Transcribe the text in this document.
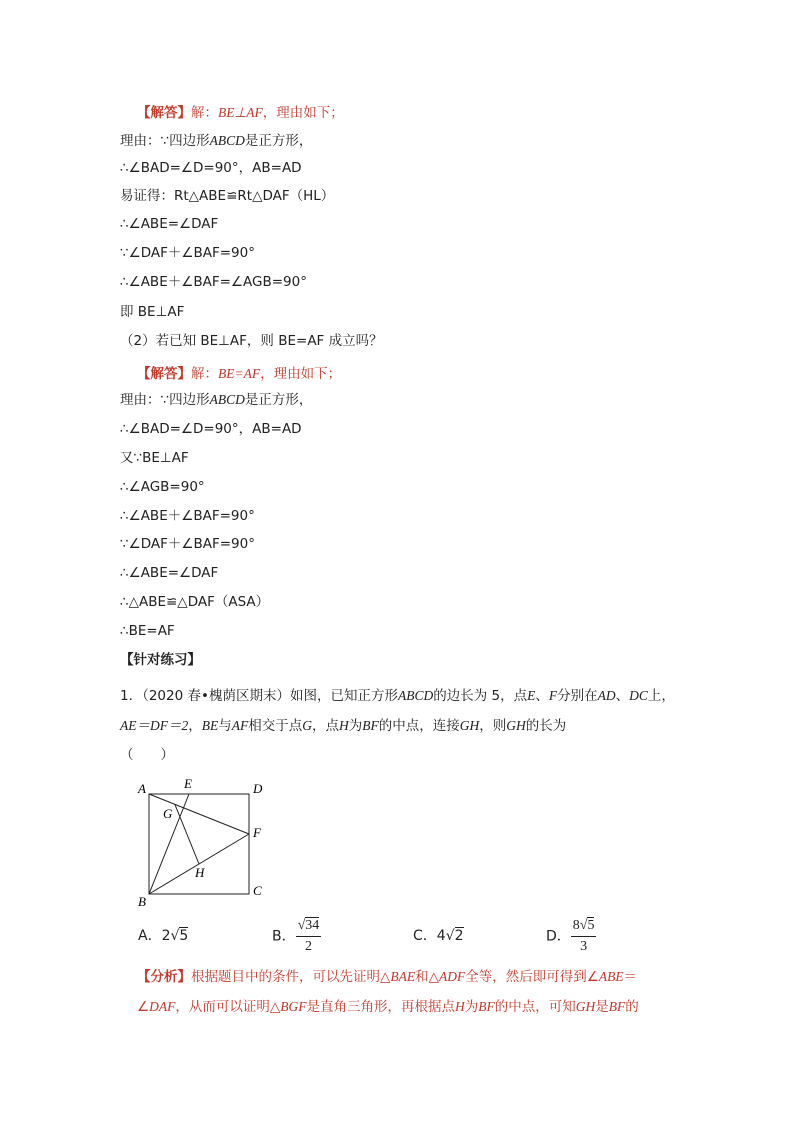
【解答】解：BE⊥AF，理由如下；
理由：∵四边形ABCD是正方形，
∴∠BAD=∠D=90°，AB=AD
易证得：Rt△ABE≌Rt△DAF（HL）
∴∠ABE=∠DAF
∵∠DAF＋∠BAF=90°
∴∠ABE＋∠BAF=∠AGB=90°
即 BE⊥AF
（2）若已知 BE⊥AF，则 BE=AF 成立吗？
【解答】解：BE=AF，理由如下；
理由：∵四边形ABCD是正方形，
∴∠BAD=∠D=90°，AB=AD
又∵BE⊥AF
∴∠AGB=90°
∴∠ABE＋∠BAF=90°
∵∠DAF＋∠BAF=90°
∴∠ABE=∠DAF
∴△ABE≌△DAF（ASA）
∴BE=AF
【针对练习】
1．（2020 春•槐荫区期末）如图，已知正方形ABCD的边长为 5，点E、F分别在AD、DC上，AE＝DF＝2，BE与AF相交于点G，点H为BF的中点，连接GH，则GH的长为
（　　）
A	E	D
G
F
H
B
C
A．2√5	B． $\frac{√34}{2}$	C．4√2	D． $\frac{8√5}{3}$
【分析】根据题目中的条件，可以先证明△BAE和△ADF全等，然后即可得到∠ABE＝∠DAF，从而可以证明△BGF是直角三角形，再根据点H为BF的中点，可知GH是BF的
